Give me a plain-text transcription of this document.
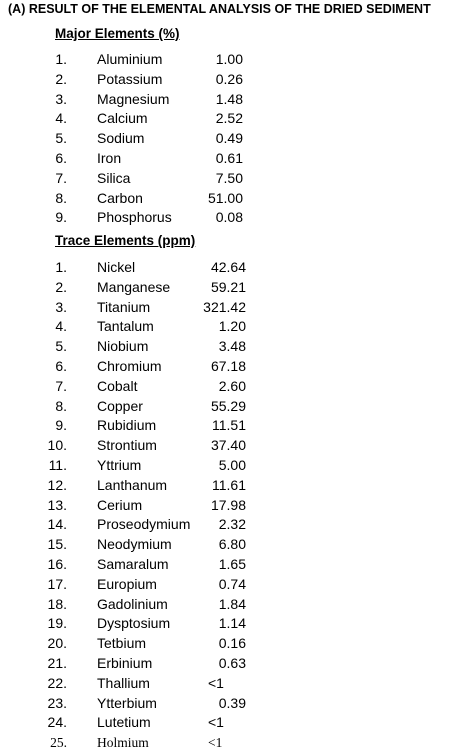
(A) RESULT OF THE ELEMENTAL ANALYSIS OF THE DRIED SEDIMENT
Major Elements (%)
1. Aluminium	1.00
2. Potassium	0.26
3. Magnesium	1.48
4. Calcium	2.52
5. Sodium	0.49
6. Iron	0.61
7. Silica	7.50
8. Carbon	51.00
9. Phosphorus	0.08
Trace Elements (ppm)
1. Nickel	42.64
2. Manganese	59.21
3. Titanium	321.42
4. Tantalum	1.20
5. Niobium	3.48
6. Chromium	67.18
7. Cobalt	2.60
8. Copper	55.29
9. Rubidium	11.51
10. Strontium	37.40
11. Yttrium	5.00
12. Lanthanum	11.61
13. Cerium	17.98
14. Proseodymium	2.32
15. Neodymium	6.80
16. Samaralum	1.65
17. Europium	0.74
18. Gadolinium	1.84
19. Dysptosium	1.14
20. Tetbium	0.16
21. Erbinium	0.63
22. Thallium	<1
23. Ytterbium	0.39
24. Lutetium	<1
25. Holmium	<1
